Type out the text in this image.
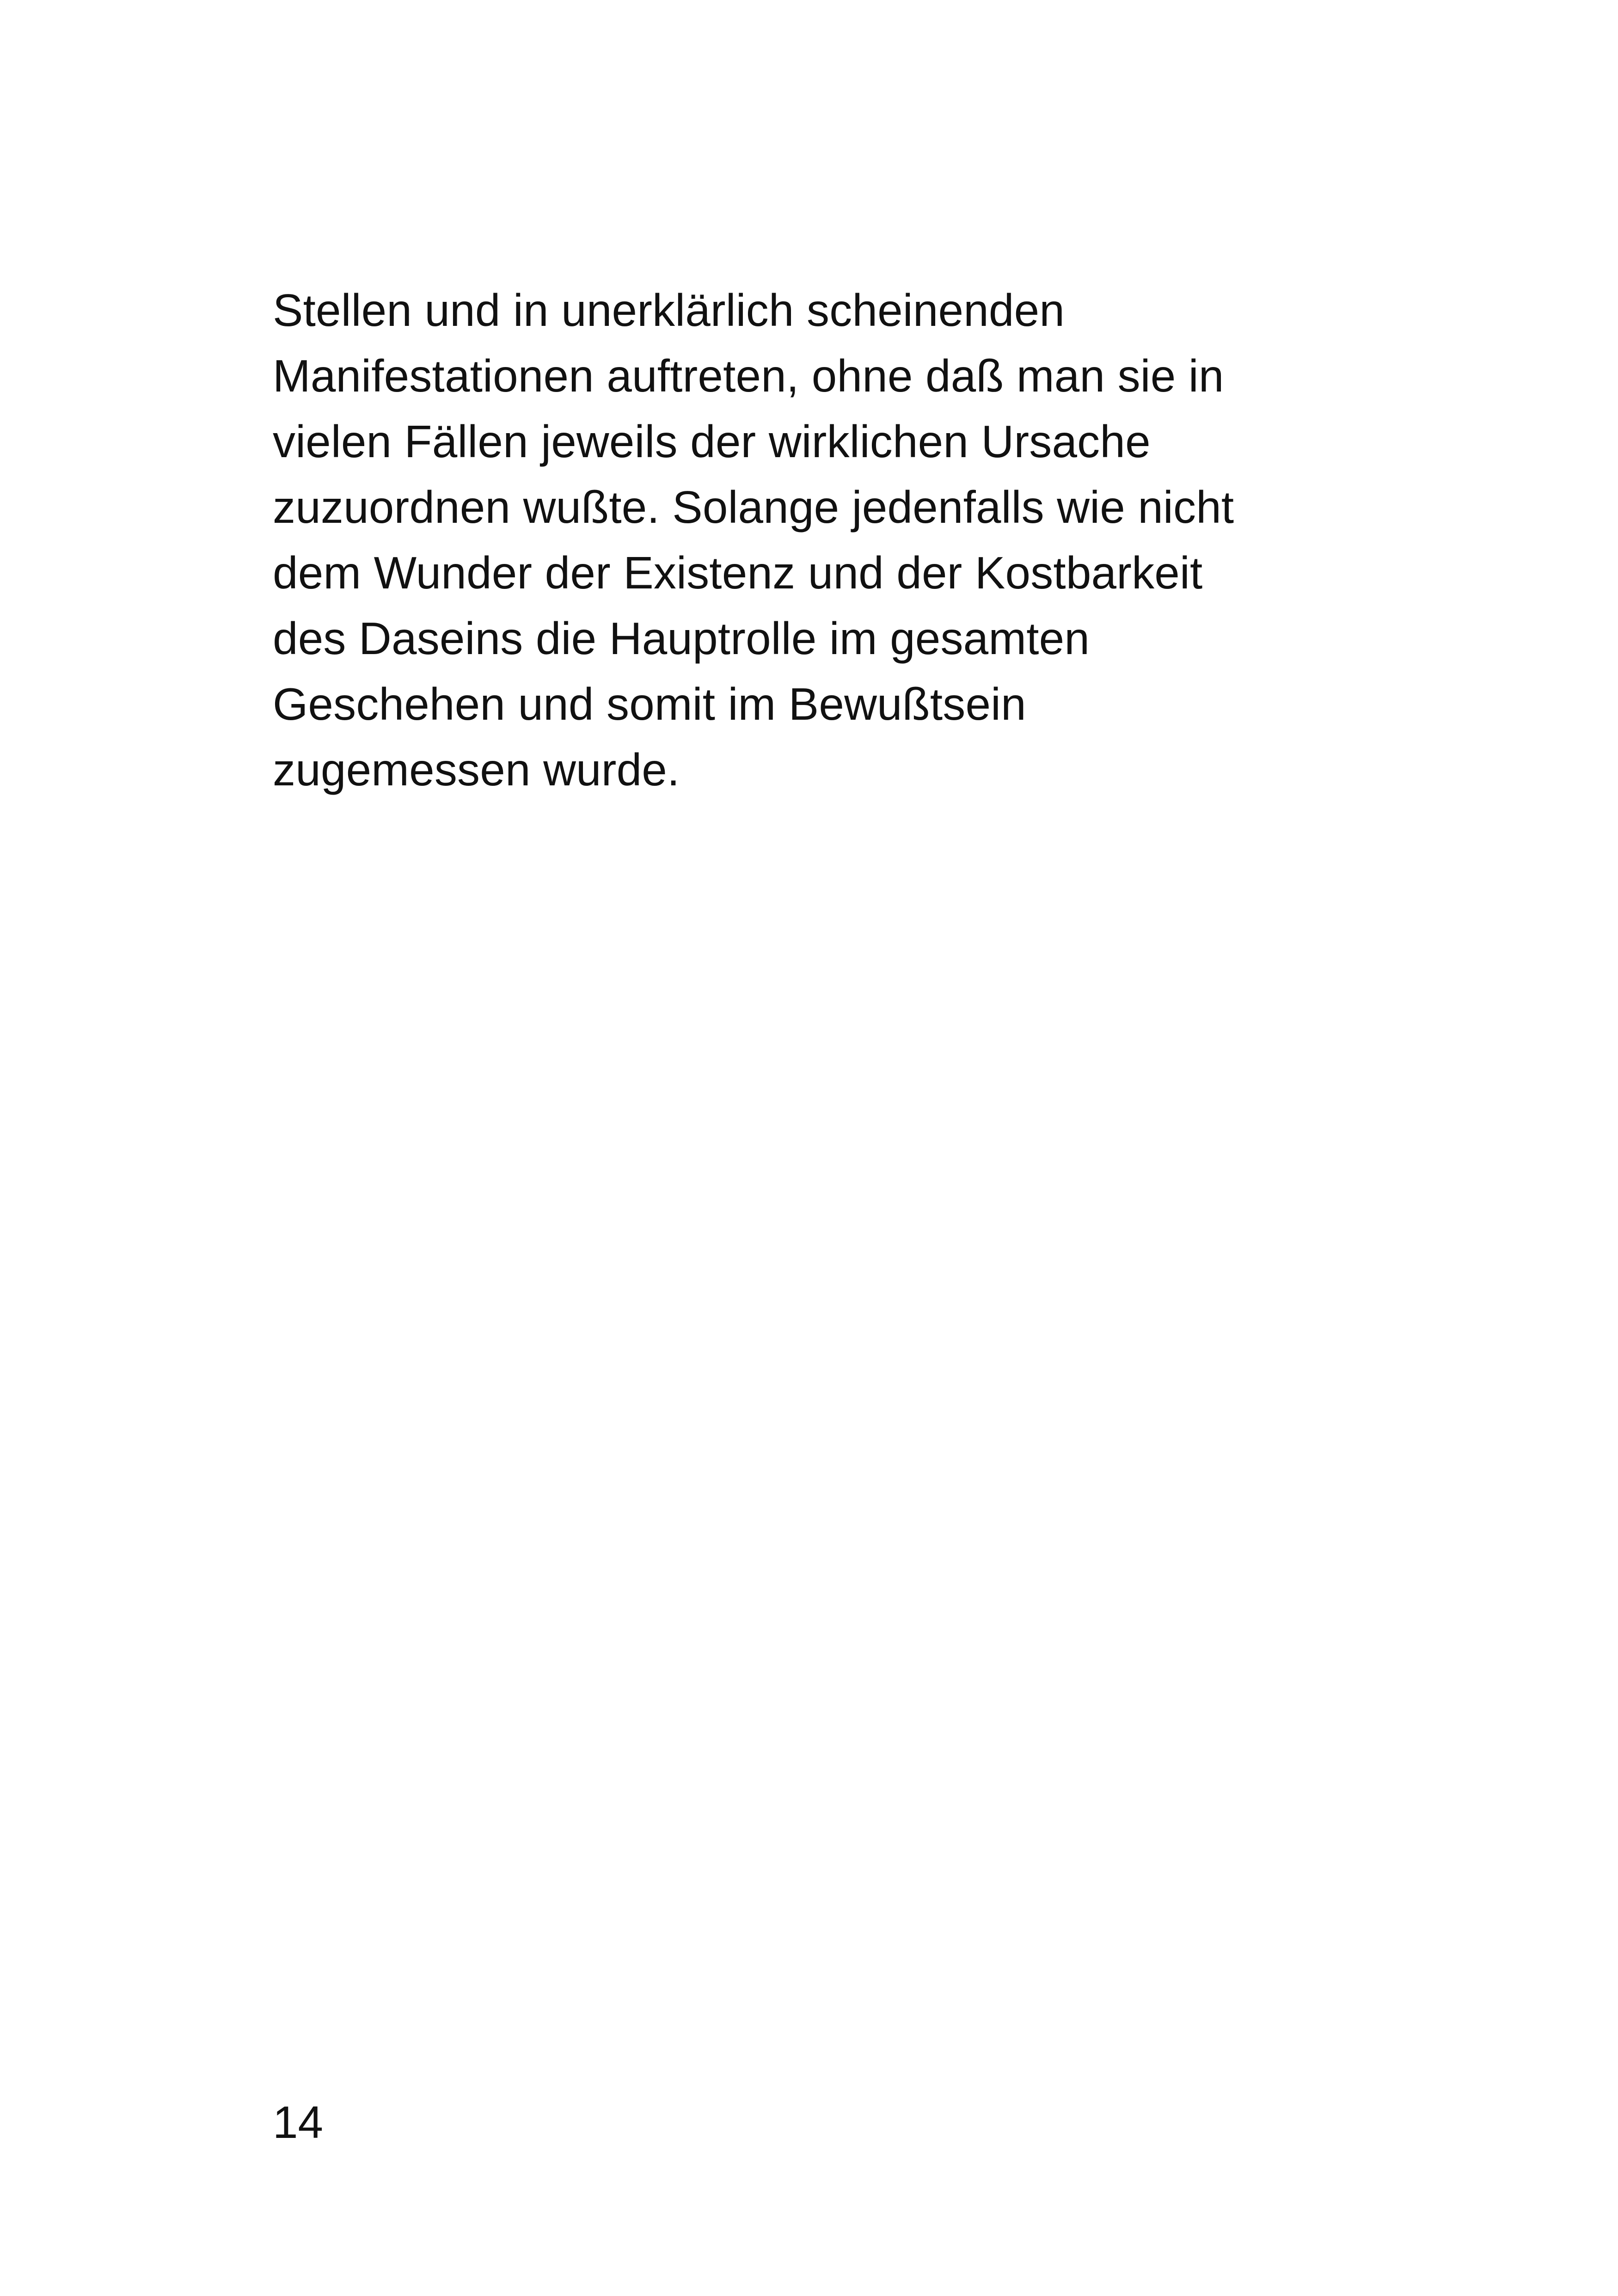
Stellen und in unerklärlich scheinenden
Manifestationen auftreten, ohne daß man sie in
vielen Fällen jeweils der wirklichen Ursache
zuzuordnen wußte. Solange jedenfalls wie nicht
dem Wunder der Existenz und der Kostbarkeit
des Daseins die Hauptrolle im gesamten
Geschehen und somit im Bewußtsein
zugemessen wurde.

14
